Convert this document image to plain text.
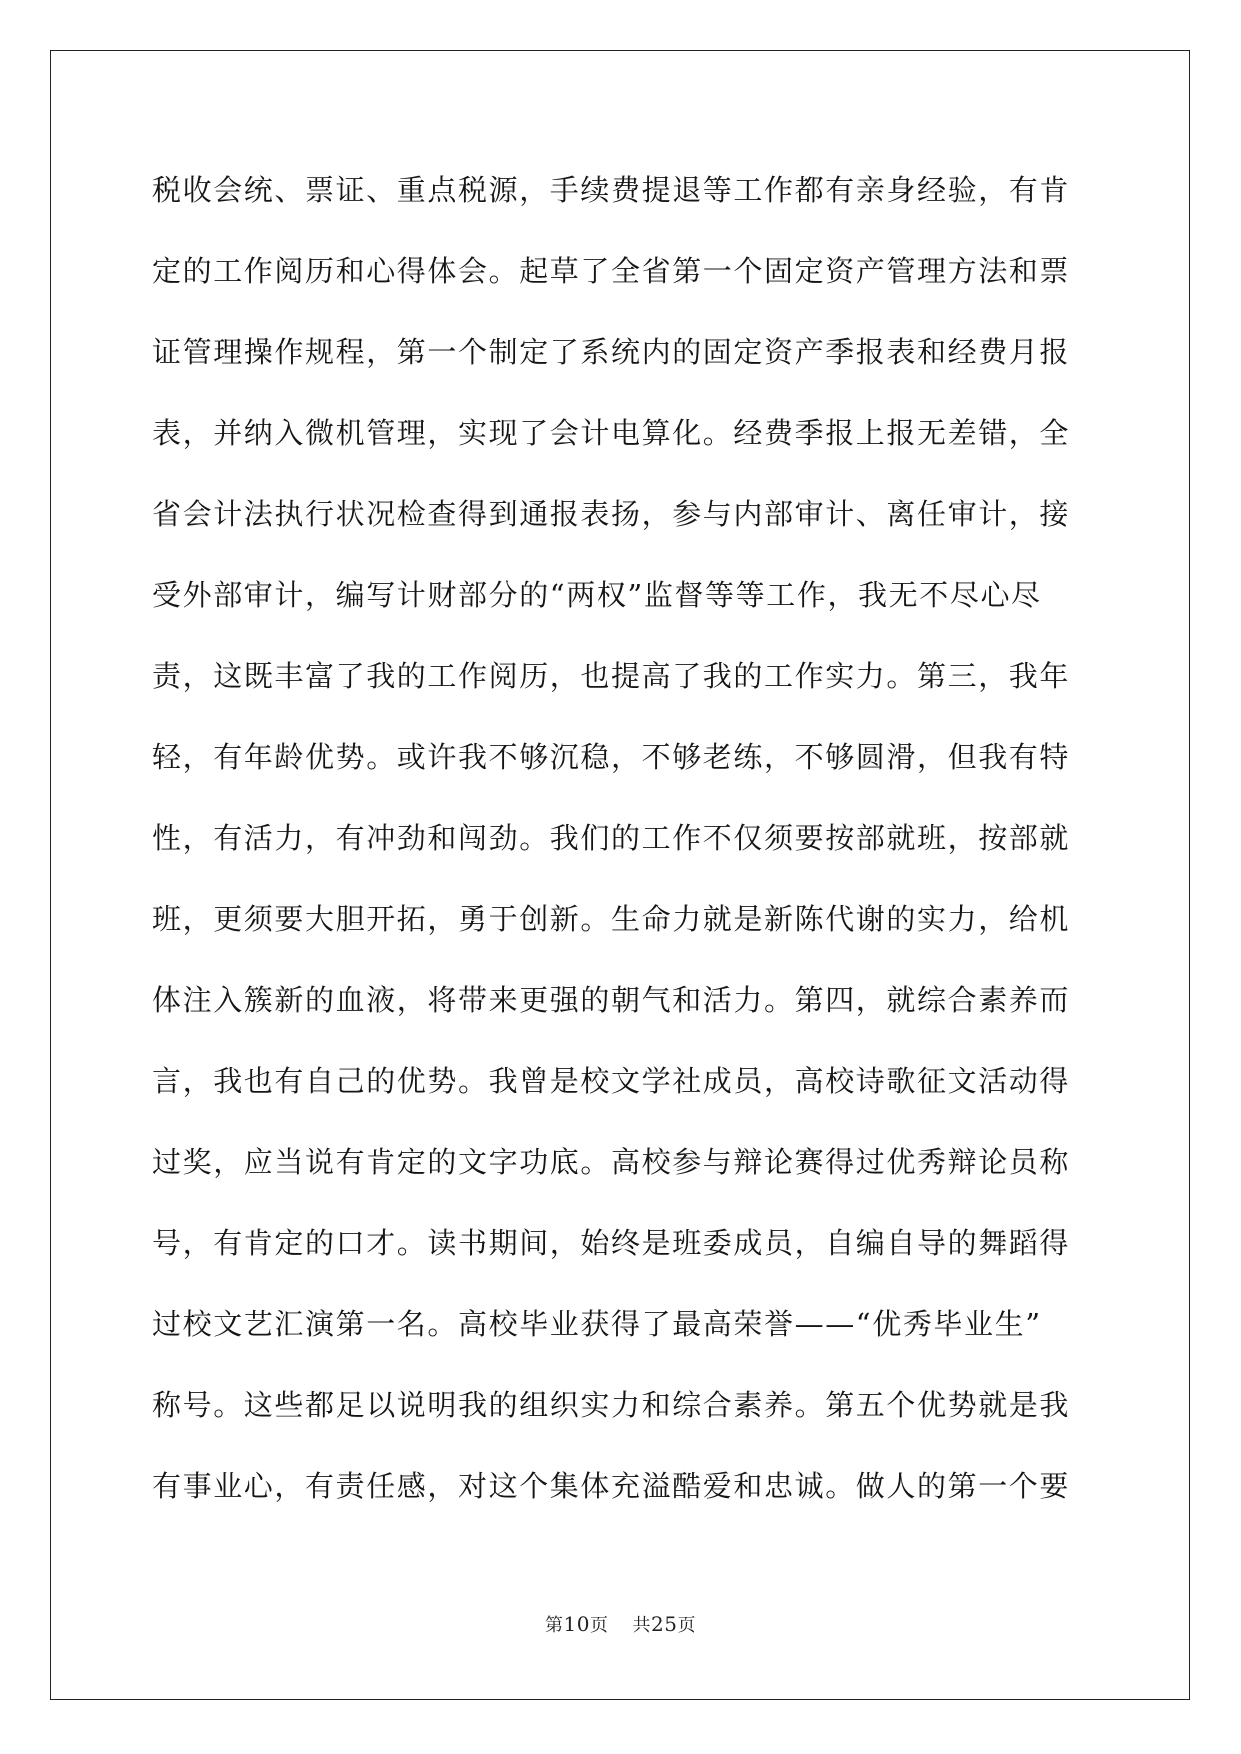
税收会统、票证、重点税源，手续费提退等工作都有亲身经验，有肯
定的工作阅历和心得体会。起草了全省第一个固定资产管理方法和票
证管理操作规程，第一个制定了系统内的固定资产季报表和经费月报
表，并纳入微机管理，实现了会计电算化。经费季报上报无差错，全
省会计法执行状况检查得到通报表扬，参与内部审计、离任审计，接
受外部审计，编写计财部分的“两权”监督等等工作，我无不尽心尽
责，这既丰富了我的工作阅历，也提高了我的工作实力。第三，我年
轻，有年龄优势。或许我不够沉稳，不够老练，不够圆滑，但我有特
性，有活力，有冲劲和闯劲。我们的工作不仅须要按部就班，按部就
班，更须要大胆开拓，勇于创新。生命力就是新陈代谢的实力，给机
体注入簇新的血液，将带来更强的朝气和活力。第四，就综合素养而
言，我也有自己的优势。我曾是校文学社成员，高校诗歌征文活动得
过奖，应当说有肯定的文字功底。高校参与辩论赛得过优秀辩论员称
号，有肯定的口才。读书期间，始终是班委成员，自编自导的舞蹈得
过校文艺汇演第一名。高校毕业获得了最高荣誉——“优秀毕业生”
称号。这些都足以说明我的组织实力和综合素养。第五个优势就是我
有事业心，有责任感，对这个集体充溢酷爱和忠诚。做人的第一个要
第10页 共25页
